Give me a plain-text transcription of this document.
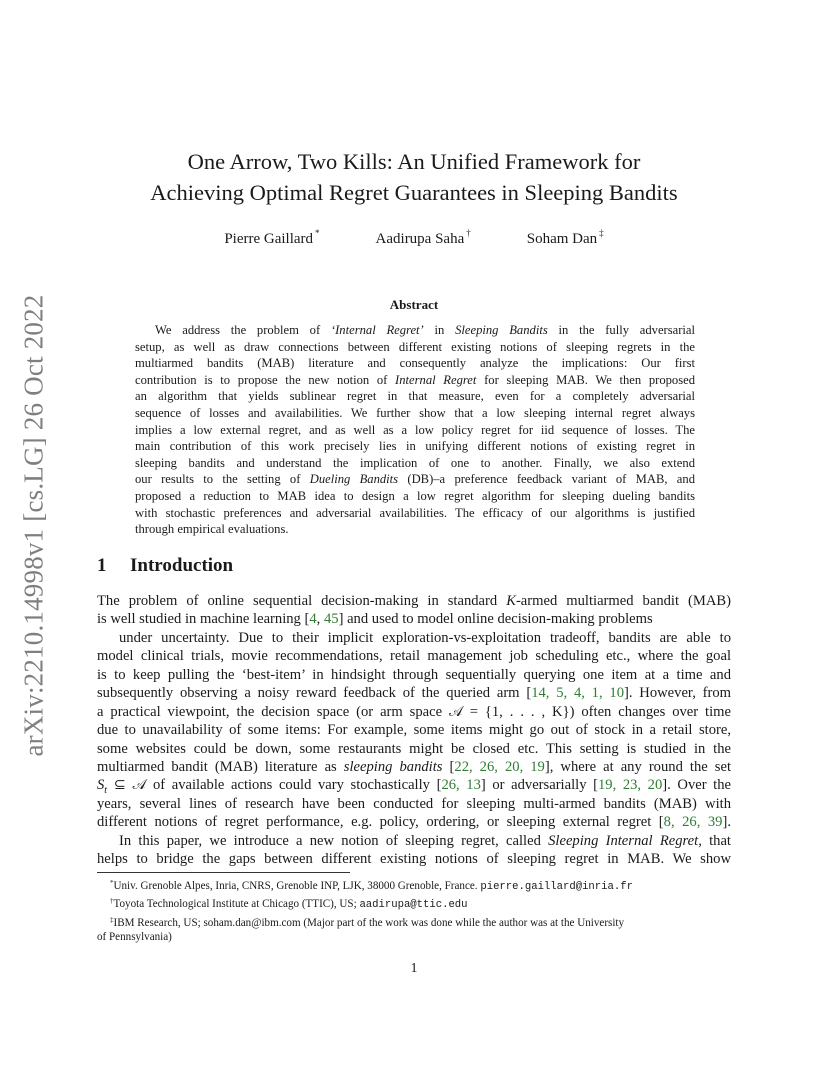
arXiv:2210.14998v1 [cs.LG] 26 Oct 2022
One Arrow, Two Kills: An Unified Framework for
Achieving Optimal Regret Guarantees in Sleeping Bandits
Pierre Gaillard *	Aadirupa Saha †	Soham Dan ‡
Abstract
We address the problem of ‘Internal Regret’ in Sleeping Bandits in the fully adversarial
setup, as well as draw connections between different existing notions of sleeping regrets in the
multiarmed bandits (MAB) literature and consequently analyze the implications: Our first
contribution is to propose the new notion of Internal Regret for sleeping MAB. We then proposed
an algorithm that yields sublinear regret in that measure, even for a completely adversarial
sequence of losses and availabilities. We further show that a low sleeping internal regret always
implies a low external regret, and as well as a low policy regret for iid sequence of losses. The
main contribution of this work precisely lies in unifying different notions of existing regret in
sleeping bandits and understand the implication of one to another. Finally, we also extend
our results to the setting of Dueling Bandits (DB)–a preference feedback variant of MAB, and
proposed a reduction to MAB idea to design a low regret algorithm for sleeping dueling bandits
with stochastic preferences and adversarial availabilities. The efficacy of our algorithms is justified
through empirical evaluations.
1 Introduction
The problem of online sequential decision-making in standard K-armed multiarmed bandit (MAB)
is well studied in machine learning [4, 45] and used to model online decision-making problems
under uncertainty. Due to their implicit exploration-vs-exploitation tradeoff, bandits are able to
model clinical trials, movie recommendations, retail management job scheduling etc., where the goal
is to keep pulling the ‘best-item’ in hindsight through sequentially querying one item at a time and
subsequently observing a noisy reward feedback of the queried arm [14, 5, 4, 1, 10]. However, from
a practical viewpoint, the decision space (or arm space 𝒜 = {1, . . . , K}) often changes over time
due to unavailability of some items: For example, some items might go out of stock in a retail store,
some websites could be down, some restaurants might be closed etc. This setting is studied in the
multiarmed bandit (MAB) literature as sleeping bandits [22, 26, 20, 19], where at any round the set
$S_t$ ⊆ 𝒜 of available actions could vary stochastically [26, 13] or adversarially [19, 23, 20]. Over the
years, several lines of research have been conducted for sleeping multi-armed bandits (MAB) with
different notions of regret performance, e.g. policy, ordering, or sleeping external regret [8, 26, 39].
In this paper, we introduce a new notion of sleeping regret, called Sleeping Internal Regret, that
helps to bridge the gaps between different existing notions of sleeping regret in MAB. We show
*Univ. Grenoble Alpes, Inria, CNRS, Grenoble INP, LJK, 38000 Grenoble, France. pierre.gaillard@inria.fr
†Toyota Technological Institute at Chicago (TTIC), US; aadirupa@ttic.edu
‡IBM Research, US; soham.dan@ibm.com (Major part of the work was done while the author was at the University
of Pennsylvania)
1
